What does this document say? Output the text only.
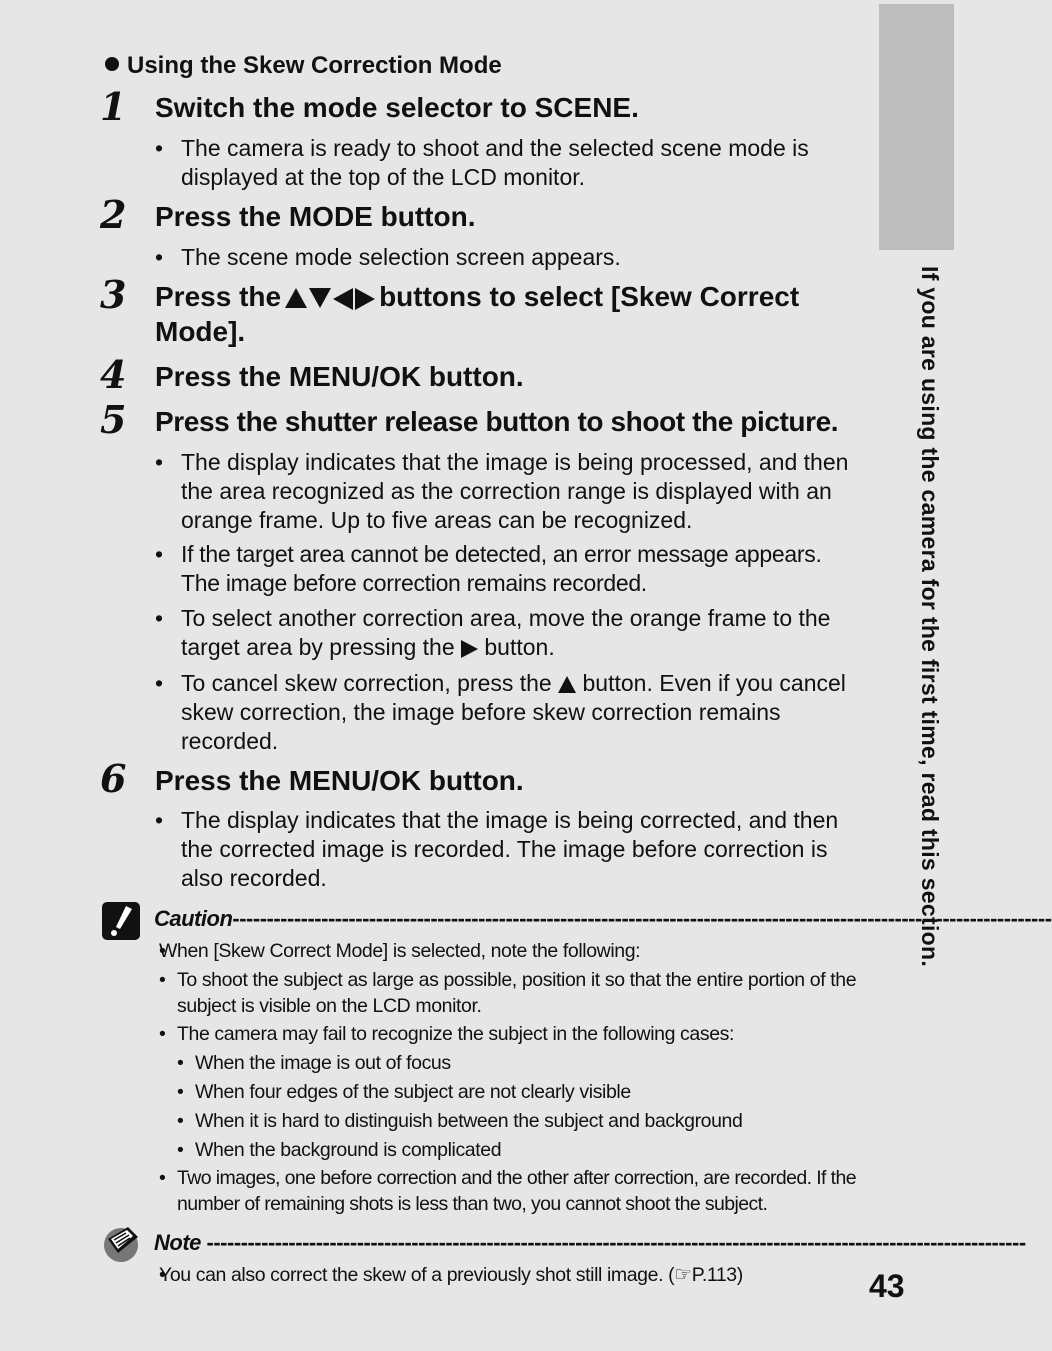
If you are using the camera for the first time, read this section.
Using the Skew Correction Mode
1	Switch the mode selector to SCENE.
• The camera is ready to shoot and the selected scene mode is displayed at the top of the LCD monitor.
2	Press the MODE button.
• The scene mode selection screen appears.
3	Press the	buttons to select [Skew Correct Mode].
4	Press the MENU/OK button.
5	Press the shutter release button to shoot the picture.
• The display indicates that the image is being processed, and then the area recognized as the correction range is displayed with an orange frame. Up to five areas can be recognized.
• If the target area cannot be detected, an error message appears. The image before correction remains recorded.
• To select another correction area, move the orange frame to the target area by pressing the button.
• To cancel skew correction, press the button. Even if you cancel skew correction, the image before skew correction remains recorded.
6	Press the MENU/OK button.
• The display indicates that the image is being corrected, and then the corrected image is recorded. The image before correction is also recorded.
Caution------------------------------------------------------------------------------------------------------------------------
• When [Skew Correct Mode] is selected, note the following:
• To shoot the subject as large as possible, position it so that the entire portion of the subject is visible on the LCD monitor.
• The camera may fail to recognize the subject in the following cases:
• When the image is out of focus
• When four edges of the subject are not clearly visible
• When it is hard to distinguish between the subject and background
• When the background is complicated
• Two images, one before correction and the other after correction, are recorded. If the number of remaining shots is less than two, you cannot shoot the subject.
Note ------------------------------------------------------------------------------------------------------------------------
• You can also correct the skew of a previously shot still image. (☞P.113)	43
